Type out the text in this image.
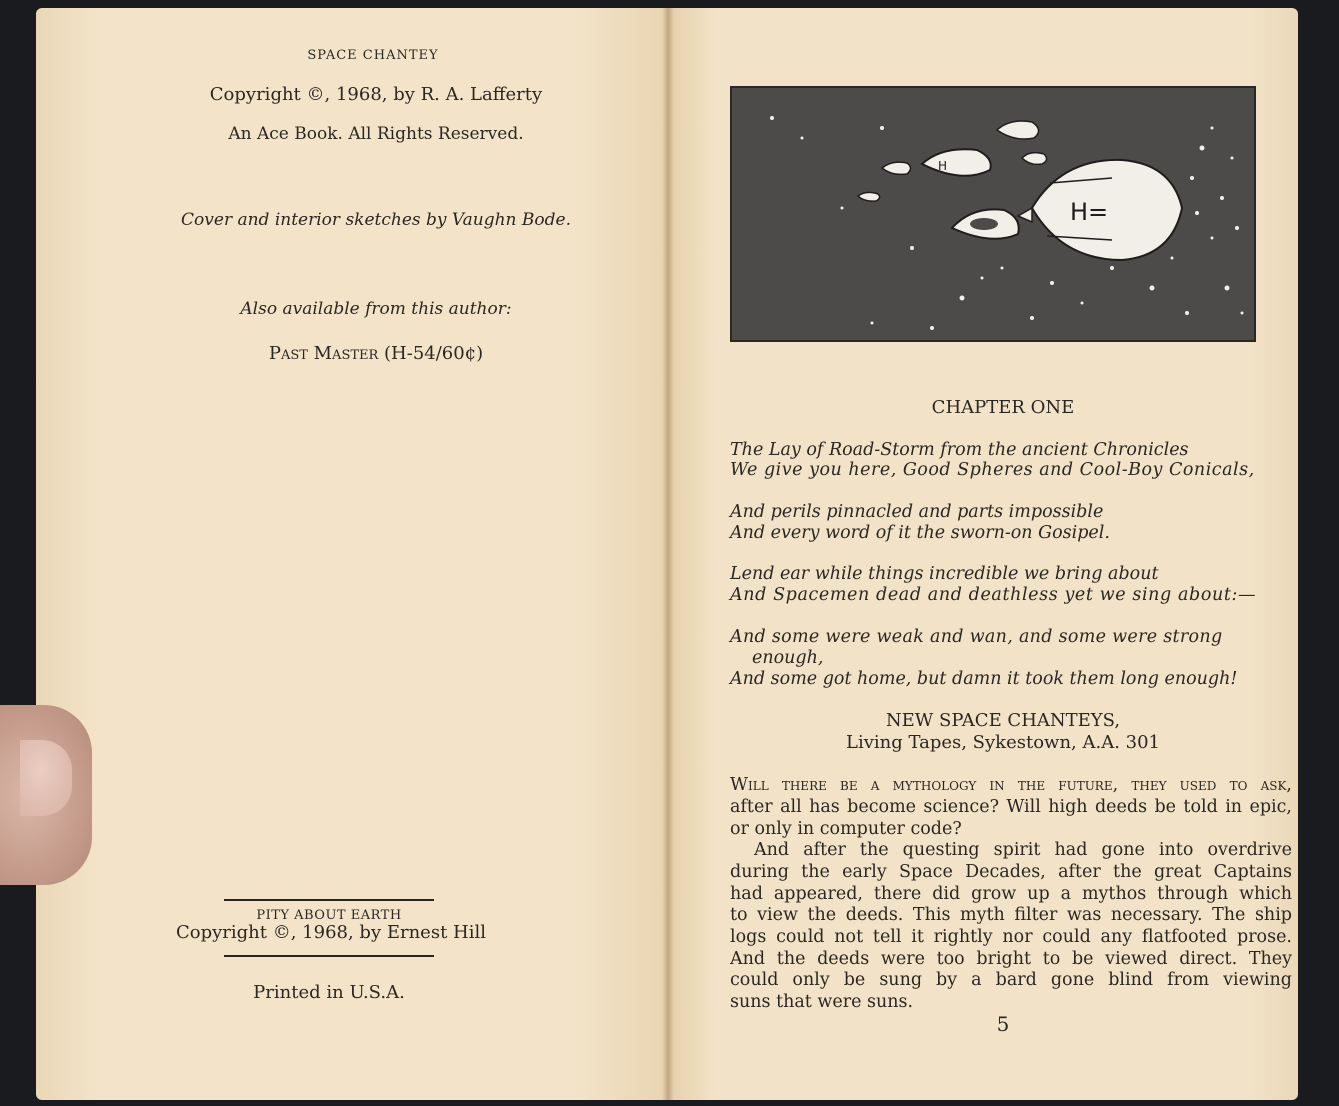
SPACE CHANTEY
Copyright ©, 1968, by R. A. Lafferty
An Ace Book. All Rights Reserved.
Cover and interior sketches by Vaughn Bode.
Also available from this author:
Past Master (H-54/60¢)
PITY ABOUT EARTH
Copyright ©, 1968, by Ernest Hill
Printed in U.S.A.
H=
H
CHAPTER ONE
The Lay of Road-Storm from the ancient Chronicles
We give you here, Good Spheres and Cool-Boy Conicals,
And perils pinnacled and parts impossible
And every word of it the sworn-on Gosipel.
Lend ear while things incredible we bring about
And Spacemen dead and deathless yet we sing about:—
And some were weak and wan, and some were strong
enough,
And some got home, but damn it took them long enough!
NEW SPACE CHANTEYS,
Living Tapes, Sykestown, A.A. 301
Will there be a mythology in the future, they used to ask,
after all has become science? Will high deeds be told in epic,
or only in computer code?
And after the questing spirit had gone into overdrive
during the early Space Decades, after the great Captains
had appeared, there did grow up a mythos through which
to view the deeds. This myth filter was necessary. The ship
logs could not tell it rightly nor could any flatfooted prose.
And the deeds were too bright to be viewed direct. They
could only be sung by a bard gone blind from viewing
suns that were suns.
5
